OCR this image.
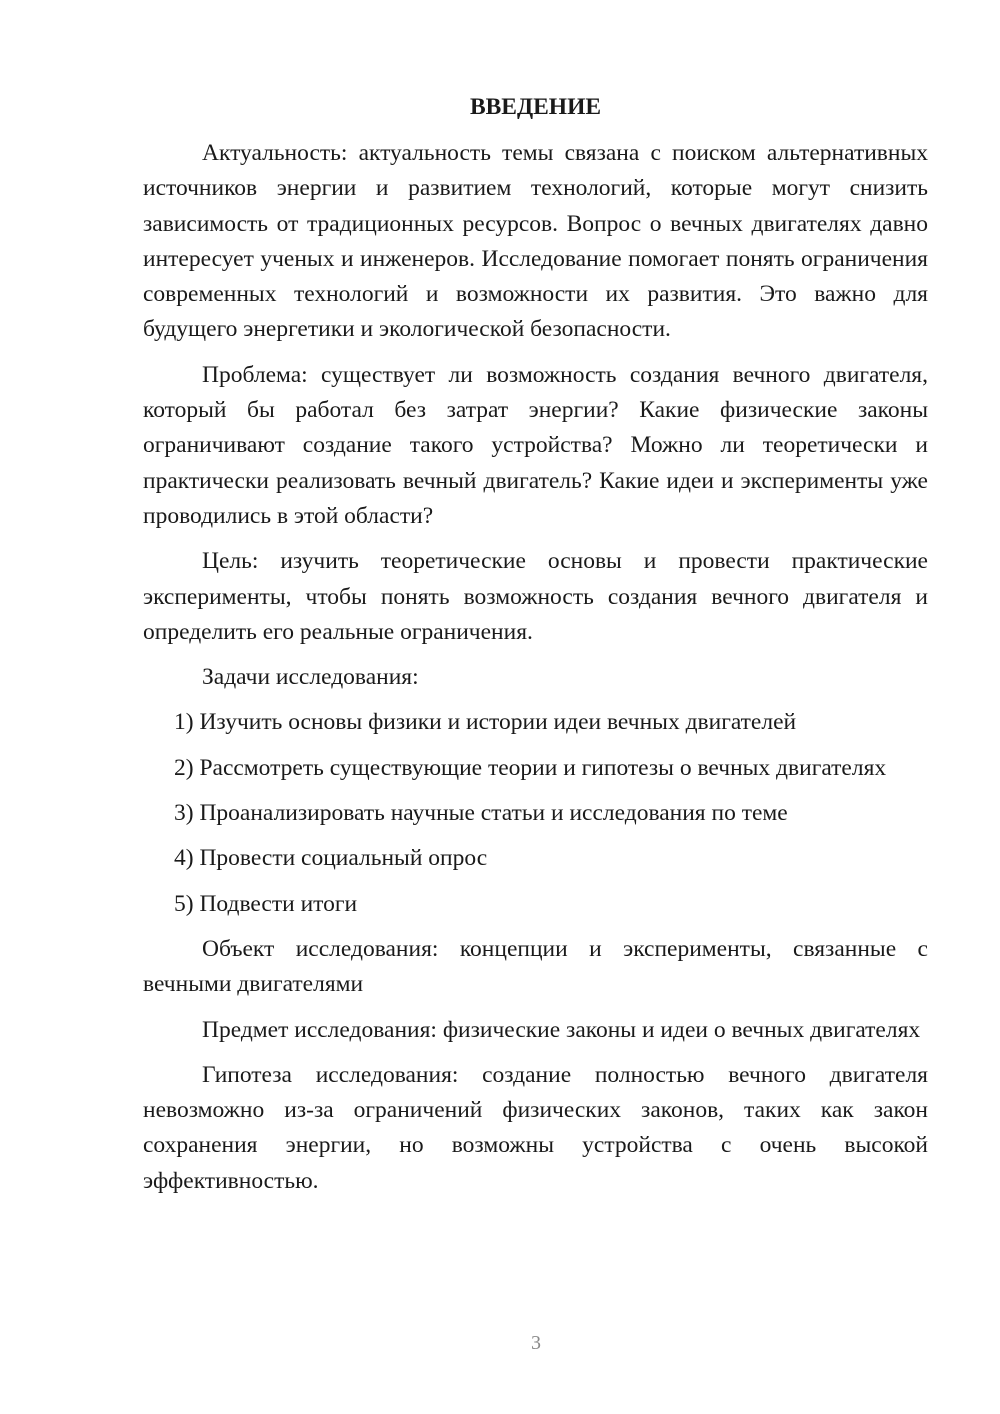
ВВЕДЕНИЕ

Актуальность: актуальность темы связана с поиском альтернативных источников энергии и развитием технологий, которые могут снизить зависимость от традиционных ресурсов. Вопрос о вечных двигателях давно интересует ученых и инженеров. Исследование помогает понять ограничения современных технологий и возможности их развития. Это важно для будущего энергетики и экологической безопасности.

Проблема: существует ли возможность создания вечного двигателя, который бы работал без затрат энергии? Какие физические законы ограничивают создание такого устройства? Можно ли теоретически и практически реализовать вечный двигатель? Какие идеи и эксперименты уже проводились в этой области?

Цель: изучить теоретические основы и провести практические эксперименты, чтобы понять возможность создания вечного двигателя и определить его реальные ограничения.

Задачи исследования:

1) Изучить основы физики и истории идеи вечных двигателей
2) Рассмотреть существующие теории и гипотезы о вечных двигателях
3) Проанализировать научные статьи и исследования по теме
4) Провести социальный опрос
5) Подвести итоги

Объект исследования: концепции и эксперименты, связанные с вечными двигателями

Предмет исследования: физические законы и идеи о вечных двигателях

Гипотеза исследования: создание полностью вечного двигателя невозможно из-за ограничений физических законов, таких как закон сохранения энергии, но возможны устройства с очень высокой эффективностью.

3
